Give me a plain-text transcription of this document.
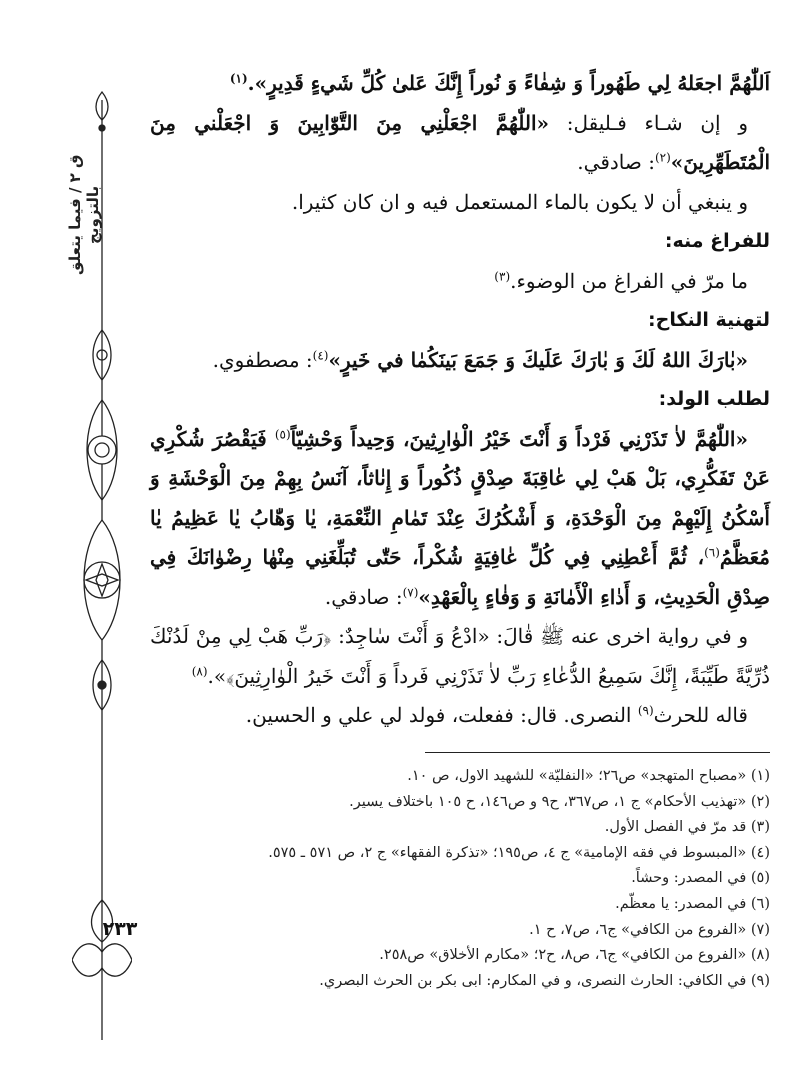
ق ٢ / فيما يتعلق بالتزويج
٢٣٣

اَللّٰهُمَّ اجعَلهُ لِي طَهُوراً وَ شِفٰاءً وَ نُوراً إِنَّكَ عَلىٰ كُلِّ شَيءٍ قَدِيرٍ».$^{(١)}$

و إن شـاء فـليقل: «اللّٰهُمَّ اجْعَلْنِي مِنَ التَّوّٰابِينَ وَ اجْعَلْني مِنَ الْمُتَطَهِّرِينَ»$^{(٢)}$: صادقي.

و ينبغي أن لا يكون بالماء المستعمل فيه و ان كان كثيرا.

للفراغ منه:

ما مرّ في الفراغ من الوضوء.$^{(٣)}$

لتهنية النكاح:

«بٰارَكَ اللهُ لَكَ وَ بٰارَكَ عَلَيكَ وَ جَمَعَ بَينَكُمٰا في خَيرٍ»$^{(٤)}$: مصطفوي.

لطلب الولد:

«اللّٰهُمَّ لاٰ تَذَرْنِي فَرْداً وَ أَنْتَ خَيْرُ الْوٰارِثِينَ، وَحِيداً وَحْشِيّاً$^{(٥)}$ فَيَقْصُرَ شُكْرِي عَنْ تَفَكُّرِي، بَلْ هَبْ لِي عٰاقِبَةَ صِدْقٍ ذُكُوراً وَ إِنٰاثاً، آنَسُ بِهِمْ مِنَ الْوَحْشَةِ وَ أَسْكُنُ إِلَيْهِمْ مِنَ الْوَحْدَةِ، وَ أَشْكُرُكَ عِنْدَ تَمٰامِ النِّعْمَةِ، يٰا وَهّٰابُ يٰا عَظِيمُ يٰا مُعَظَّمُ$^{(٦)}$، ثُمَّ أَعْطِنِي فِي كُلِّ عٰافِيَةٍ شُكْراً، حَتّٰى تُبَلِّغَنِي مِنْهٰا رِضْوٰانَكَ فِي صِدْقِ الْحَدِيثِ، وَ أَدٰاءِ الْأَمٰانَةِ وَ وَفٰاءٍ بِالْعَهْدِ»$^{(٧)}$: صادقي.

و في رواية اخرى عنه ﷺ قٰالَ: «ادْعُ وَ أَنْتَ سٰاجِدٌ: ﴿رَبِّ هَبْ لِي مِنْ لَدُنْكَ ذُرِّيَّةً طَيِّبَةً، إِنَّكَ سَمِيعُ الدُّعٰاءِ رَبِّ لاٰ تَذَرْنِي فَرداً وَ أَنْتَ خَيرُ الْوٰارِثِينَ﴾».$^{(٨)}$

قاله للحرث$^{(٩)}$ النصرى. قال: ففعلت، فولد لي علي و الحسين.

(١) «مصباح المتهجد» ص٢٦؛ «النفليّة» للشهيد الاول، ص ١٠.
(٢) «تهذيب الأحكام» ج ١، ص٣٦٧، ح٩ و ص١٤٦، ح ١٠٥ باختلاف يسير.
(٣) قد مرّ في الفصل الأول.
(٤) «المبسوط في فقه الإمامية» ج ٤، ص١٩٥؛ «تذكرة الفقهاء» ج ٢، ص ٥٧١ ـ ٥٧٥.
(٥) في المصدر: وحشاً.
(٦) في المصدر: يا معظّم.
(٧) «الفروع من الكافي» ج٦، ص٧، ح ١.
(٨) «الفروع من الكافي» ج٦، ص٨، ح٢؛ «مكارم الأخلاق» ص٢٥٨.
(٩) في الكافي: الحارث النصرى، و في المكارم: ابى بكر بن الحرث البصري.
